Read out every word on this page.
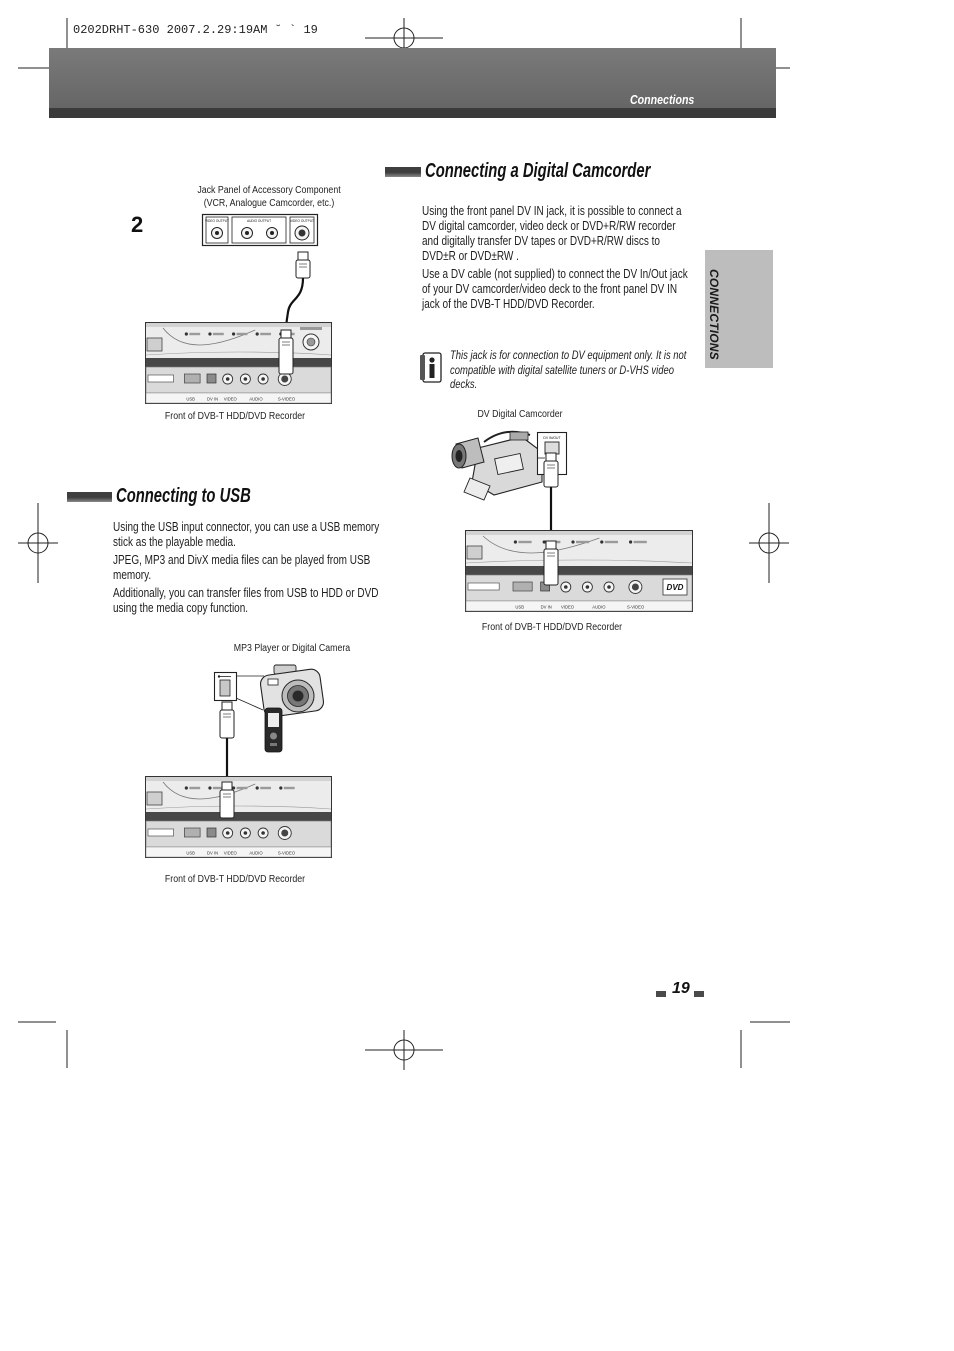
0202DRHT-630 2007.2.29:19AM ˘ ` 19
Connections
CONNECTIONS
2
Jack Panel of Accessory Component
(VCR, Analogue Camcorder, etc.)
VIDEO OUTPUT	AUDIO OUTPUT	VIDEO OUTPUT
USB	DV IN VIDEO	AUDIO	S-VIDEO
Front of DVB-T HDD/DVD Recorder
Connecting a Digital Camcorder

Using the front panel DV IN jack, it is possible to connect a DV digital camcorder, video deck or DVD+R/RW recorder and digitally transfer DV tapes or DVD+R/RW discs to DVD±R or DVD±RW .

Use a DV cable (not supplied) to connect the DV In/Out jack of your DV camcorder/video deck to the front panel DV IN jack of the DVB-T HDD/DVD Recorder.

This jack is for connection to DV equipment only. It is not compatible with digital satellite tuners or D-VHS video decks.
DV Digital Camcorder
DV IN/OUT
DVD
USB	DV IN VIDEO	AUDIO	S-VIDEO
Front of DVB-T HDD/DVD Recorder
Connecting to USB

Using the USB input connector, you can use a USB memory stick as the playable media.

JPEG, MP3 and DivX media files can be played from USB memory.

Additionally, you can transfer files from USB to HDD or DVD using the media copy function.

MP3 Player or Digital Camera
USB	DV IN VIDEO	AUDIO	S-VIDEO
Front of DVB-T HDD/DVD Recorder
19
